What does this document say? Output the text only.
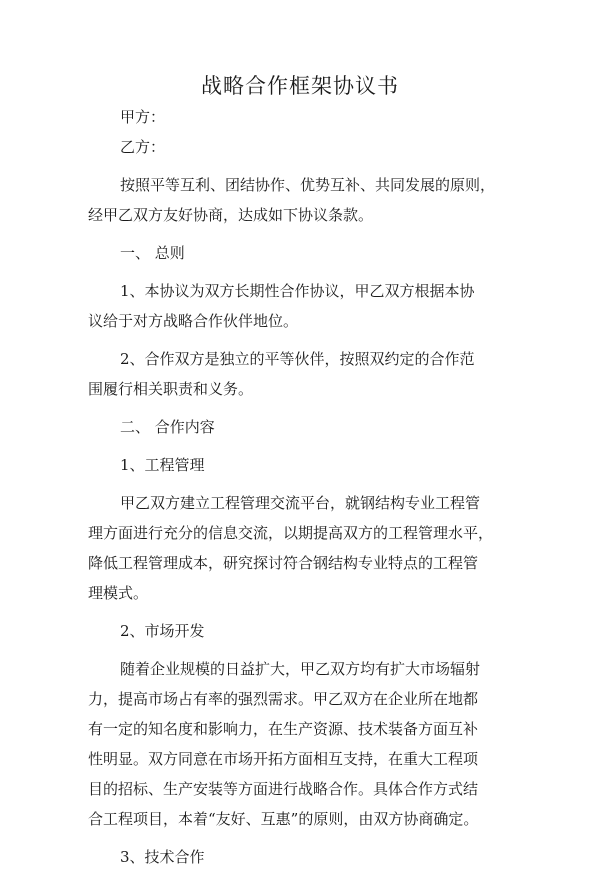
战略合作框架协议书
甲方：
乙方：
按照平等互利、团结协作、优势互补、共同发展的原则，
经甲乙双方友好协商，达成如下协议条款。
一、 总则
1、本协议为双方长期性合作协议，甲乙双方根据本协
议给于对方战略合作伙伴地位。
2、合作双方是独立的平等伙伴，按照双约定的合作范
围履行相关职责和义务。
二、 合作内容
1、工程管理
甲乙双方建立工程管理交流平台，就钢结构专业工程管
理方面进行充分的信息交流，以期提高双方的工程管理水平，
降低工程管理成本，研究探讨符合钢结构专业特点的工程管
理模式。
2、市场开发
随着企业规模的日益扩大，甲乙双方均有扩大市场辐射
力，提高市场占有率的强烈需求。甲乙双方在企业所在地都
有一定的知名度和影响力，在生产资源、技术装备方面互补
性明显。双方同意在市场开拓方面相互支持，在重大工程项
目的招标、生产安装等方面进行战略合作。具体合作方式结
合工程项目，本着“友好、互惠”的原则，由双方协商确定。
3、技术合作
